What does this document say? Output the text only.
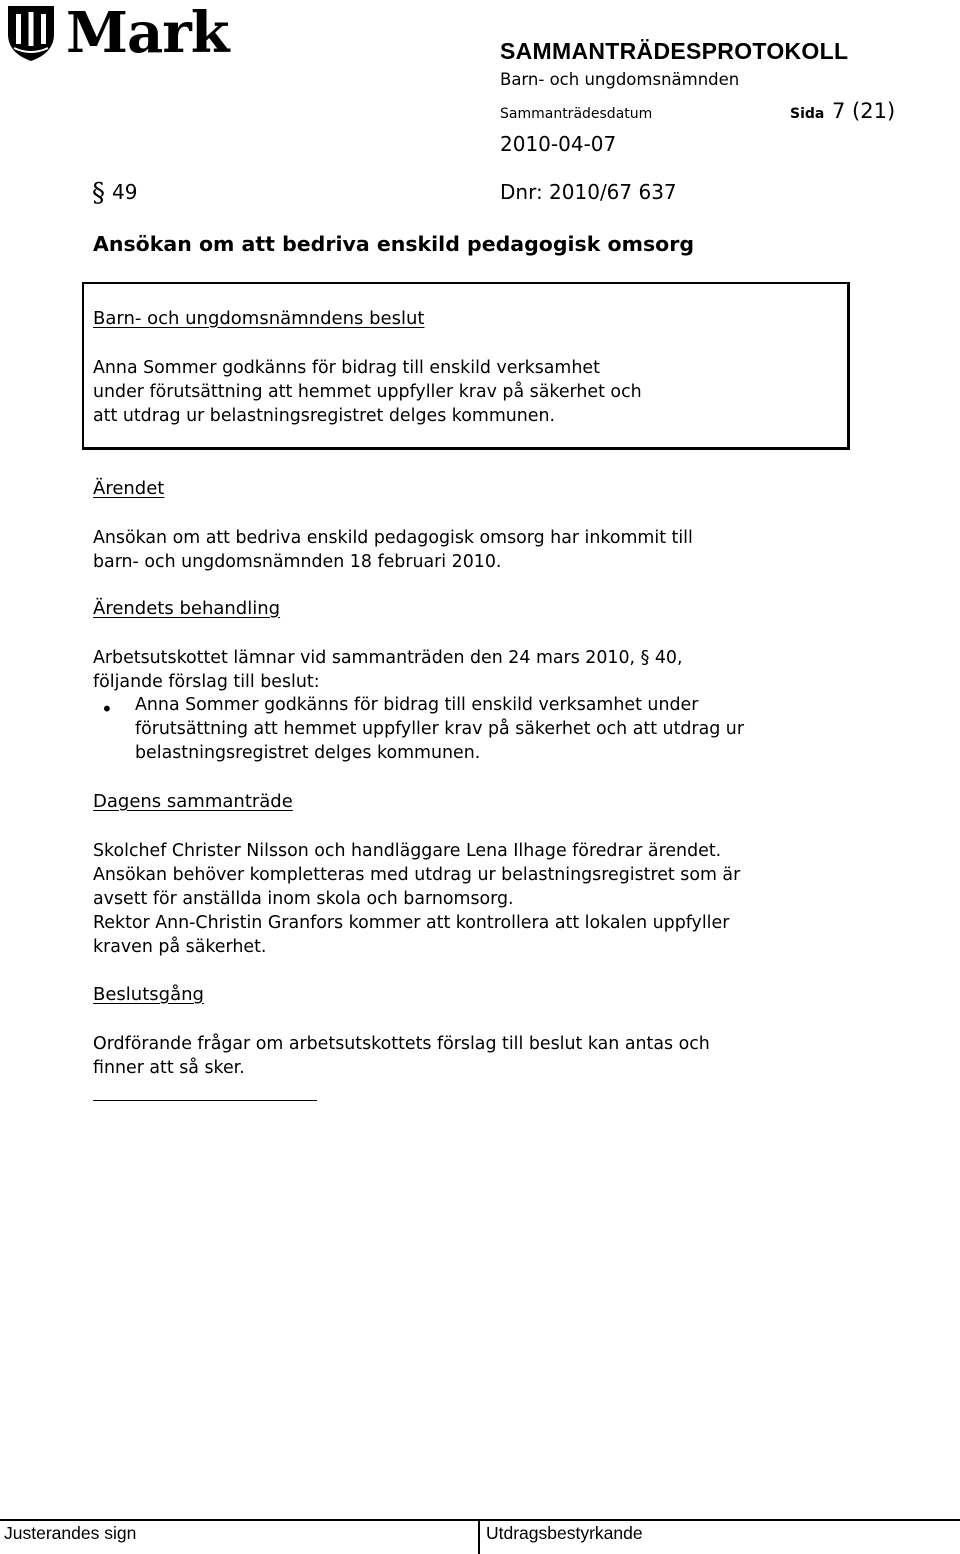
Mark	SAMMANTRÄDESPROTOKOLL
Barn- och ungdomsnämnden
Sammanträdesdatum	Sida 7 (21)
2010-04-07
§ 49	Dnr: 2010/67 637
Ansökan om att bedriva enskild pedagogisk omsorg
Barn- och ungdomsnämndens beslut
Anna Sommer godkänns för bidrag till enskild verksamhet
under förutsättning att hemmet uppfyller krav på säkerhet och
att utdrag ur belastningsregistret delges kommunen.
Ärendet
Ansökan om att bedriva enskild pedagogisk omsorg har inkommit till
barn- och ungdomsnämnden 18 februari 2010.
Ärendets behandling
Arbetsutskottet lämnar vid sammanträden den 24 mars 2010, § 40,
följande förslag till beslut:
• Anna Sommer godkänns för bidrag till enskild verksamhet under
förutsättning att hemmet uppfyller krav på säkerhet och att utdrag ur
belastningsregistret delges kommunen.
Dagens sammanträde
Skolchef Christer Nilsson och handläggare Lena Ilhage föredrar ärendet.
Ansökan behöver kompletteras med utdrag ur belastningsregistret som är
avsett för anställda inom skola och barnomsorg.
Rektor Ann-Christin Granfors kommer att kontrollera att lokalen uppfyller
kraven på säkerhet.
Beslutsgång
Ordförande frågar om arbetsutskottets förslag till beslut kan antas och
finner att så sker.
Justerandes sign	Utdragsbestyrkande
